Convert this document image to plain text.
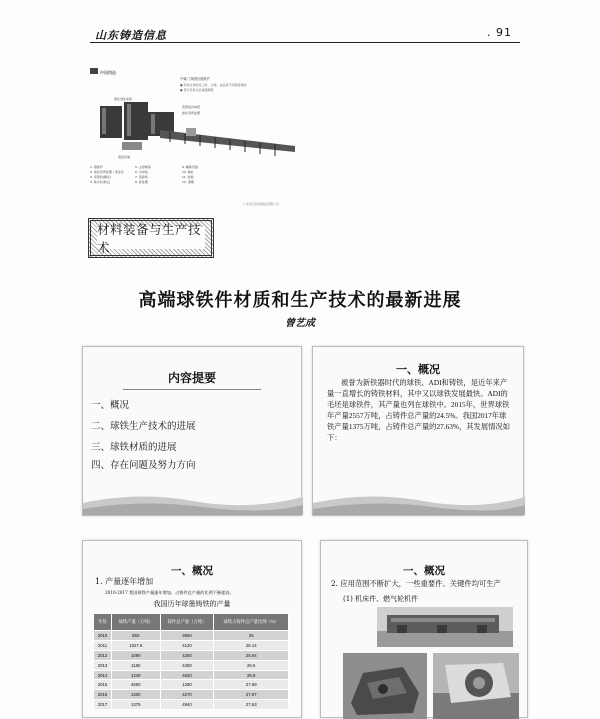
山东铸造信息	. 91
中国铸造
中频/工频感应熔炼炉
● 铸件总体积及工时、合格、成品率不同程度增加
● 部分铸件毛坯重量降低
熔化浇注系统
造型线冷却段
球化孕育处理
落砂区域
1. 熔炼炉
2. 球化孕育处理 / 浇注台
3. 造型机(静压)
4. 铁水包/转运
5. 主控制室
6. 冷却线
7. 落砂机
8. 砂处理
9. 辅助设备
10. 抛丸
11. 检验
12. 清理
广东宏兴铸造制品有限公司
材料装备与生产技术
高端球铁件材质和生产技术的最新进展
曾艺成
内容提要
一、概况
二、球铁生产技术的进展
三、球铁材质的进展
四、存在问题及努力方向
一、概况
被誉为新铁器时代的球铁、ADI和铸铁，是近年来产量一直增长的铸铁材料，其中又以球铁发展最快。ADI的毛坯是球铁件，其产量也列在球铁中。2015年，世界球铁年产量2557万吨，占铸件总产量的24.5%。我国2017年球铁产量1375万吨，占铸件总产量的27.63%，其发展情况如下：
一、概况
1. 产量逐年增加
2010-2017 我国球铁产量逐年增加，占铸件总产量的比例不断提高。
我国历年球墨铸铁的产量
年份	球铁产量（万吨）	铸件总产量（万吨）	球铁占铸件总产量比例（%）
2010	860	3960	25
2011	1027.6	4120	25.14
2012	1090	4250	25.64
2013	1180	4450	26.6
2014	1240	4620	26.8
2015	4560	1280	27.69
2016	1300	4270	27.97
2017	1375	4940	27.63
一、概况
2. 应用范围不断扩大，一些重要件、关键件均可生产
(1) 机床件、燃气轮机件
